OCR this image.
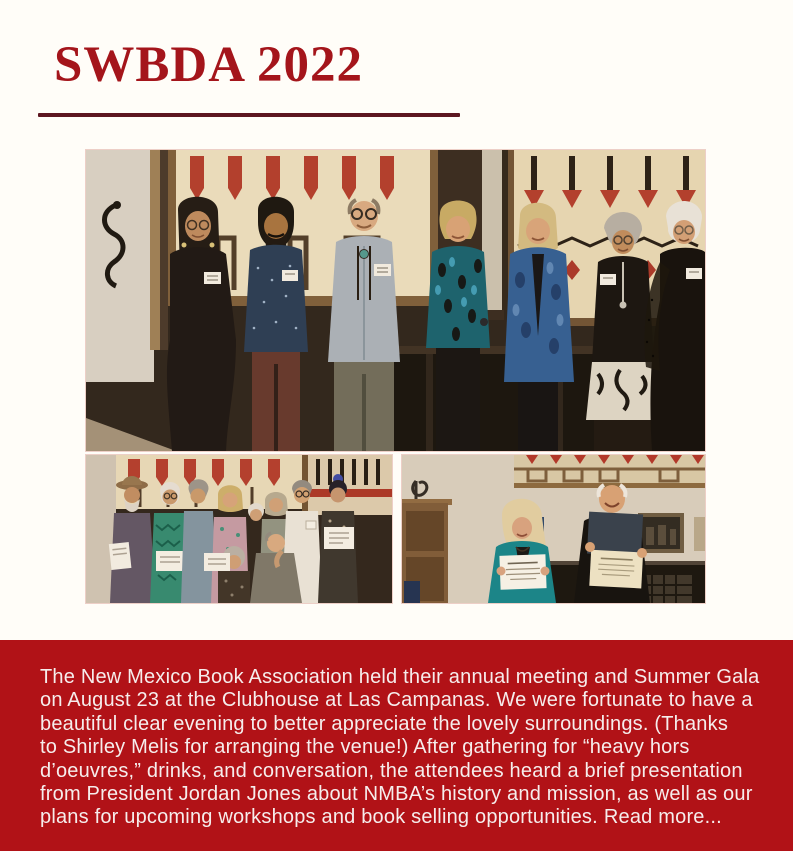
SWBDA 2022
The New Mexico Book Association held their annual meeting and Summer Gala
on August 23 at the Clubhouse at Las Campanas. We were fortunate to have a
beautiful clear evening to better appreciate the lovely surroundings. (Thanks
to Shirley Melis for arranging the venue!) After gathering for “heavy hors
d’oeuvres,” drinks, and conversation, the attendees heard a brief presentation
from President Jordan Jones about NMBA’s history and mission, as well as our
plans for upcoming workshops and book selling opportunities. Read more...
